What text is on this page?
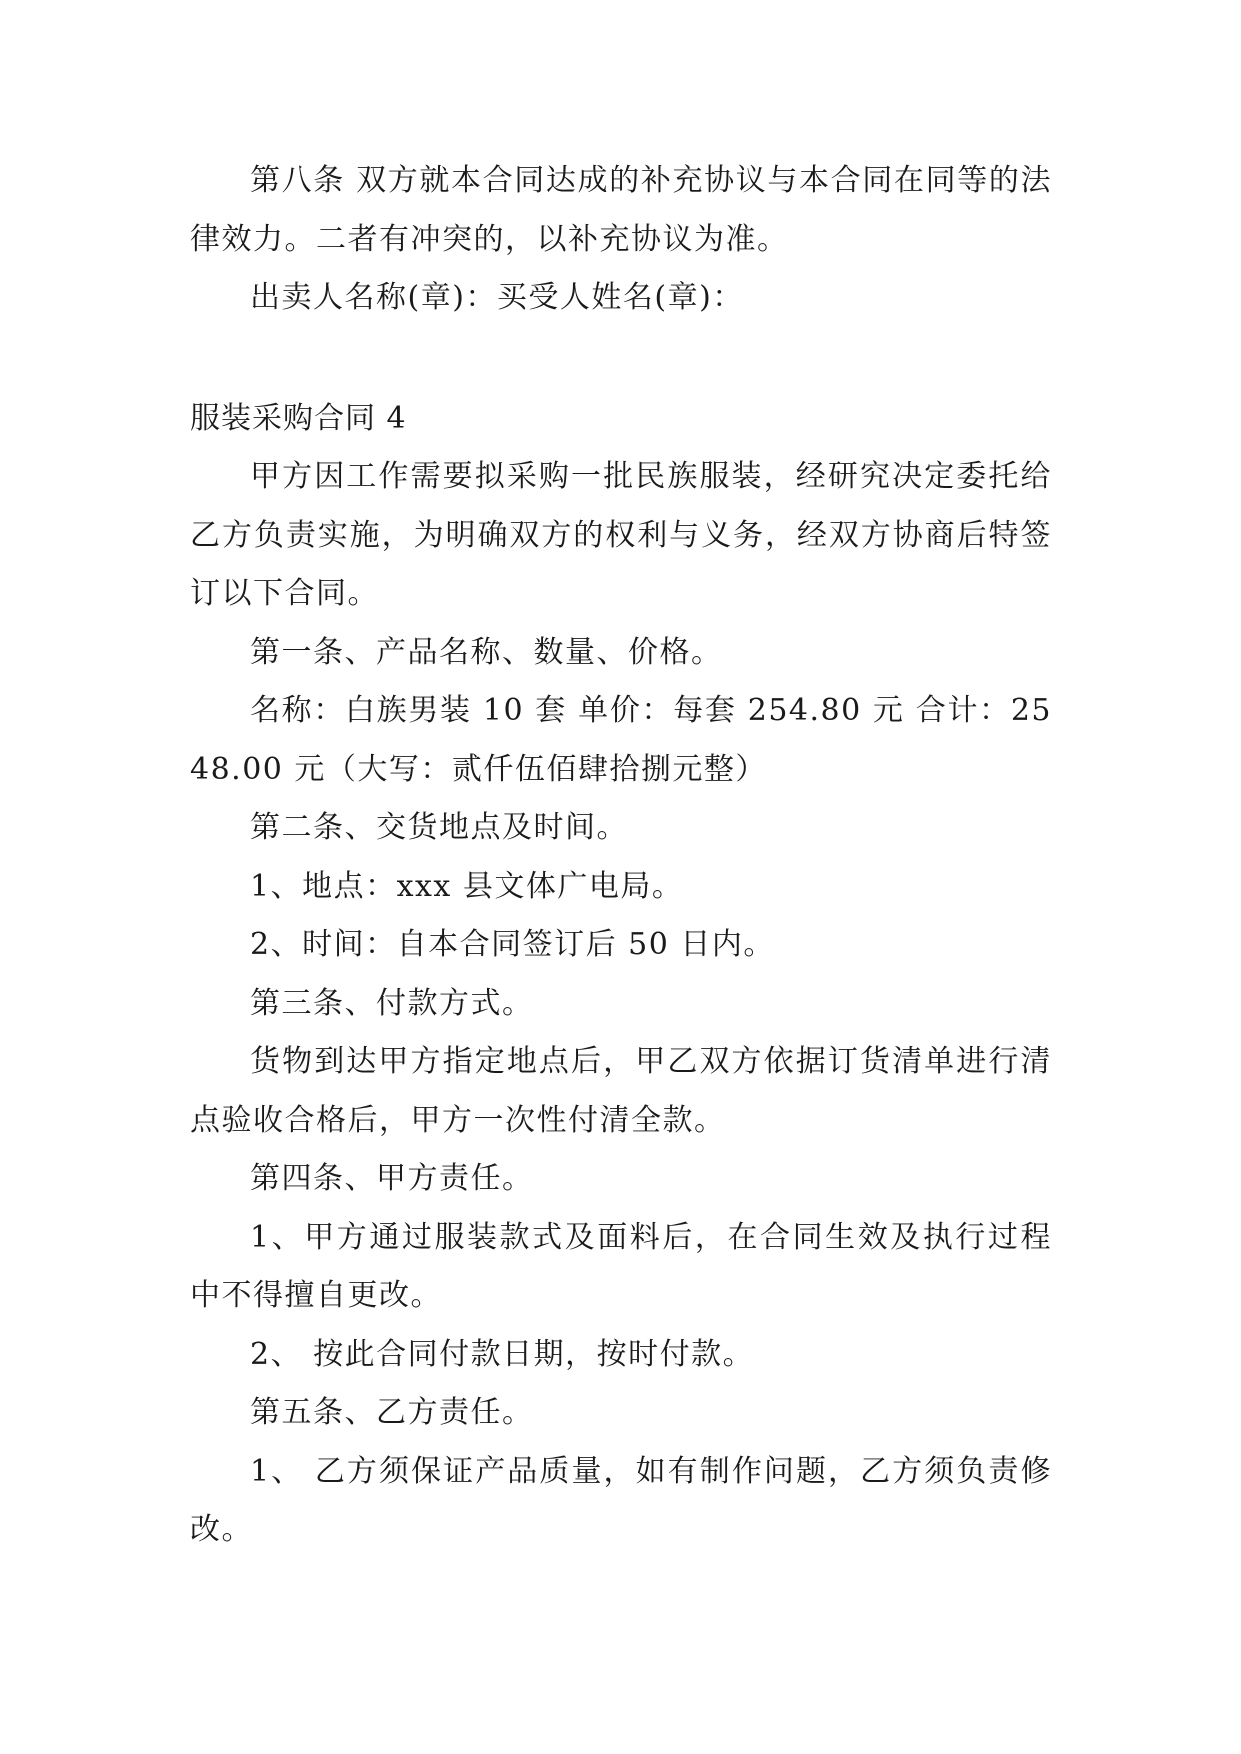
第八条 双方就本合同达成的补充协议与本合同在同等的法律效力。二者有冲突的，以补充协议为准。

出卖人名称(章)：买受人姓名(章)：

服装采购合同 4

甲方因工作需要拟采购一批民族服装，经研究决定委托给乙方负责实施，为明确双方的权利与义务，经双方协商后特签订以下合同。

第一条、产品名称、数量、价格。

名称：白族男装 10 套 单价：每套 254.80 元 合计：2548.00 元（大写：贰仟伍佰肆拾捌元整）

第二条、交货地点及时间。

1、地点：xxx 县文体广电局。

2、时间：自本合同签订后 50 日内。

第三条、付款方式。

货物到达甲方指定地点后，甲乙双方依据订货清单进行清点验收合格后，甲方一次性付清全款。

第四条、甲方责任。

1、甲方通过服装款式及面料后，在合同生效及执行过程中不得擅自更改。

2、 按此合同付款日期，按时付款。

第五条、乙方责任。

1、 乙方须保证产品质量，如有制作问题，乙方须负责修改。
